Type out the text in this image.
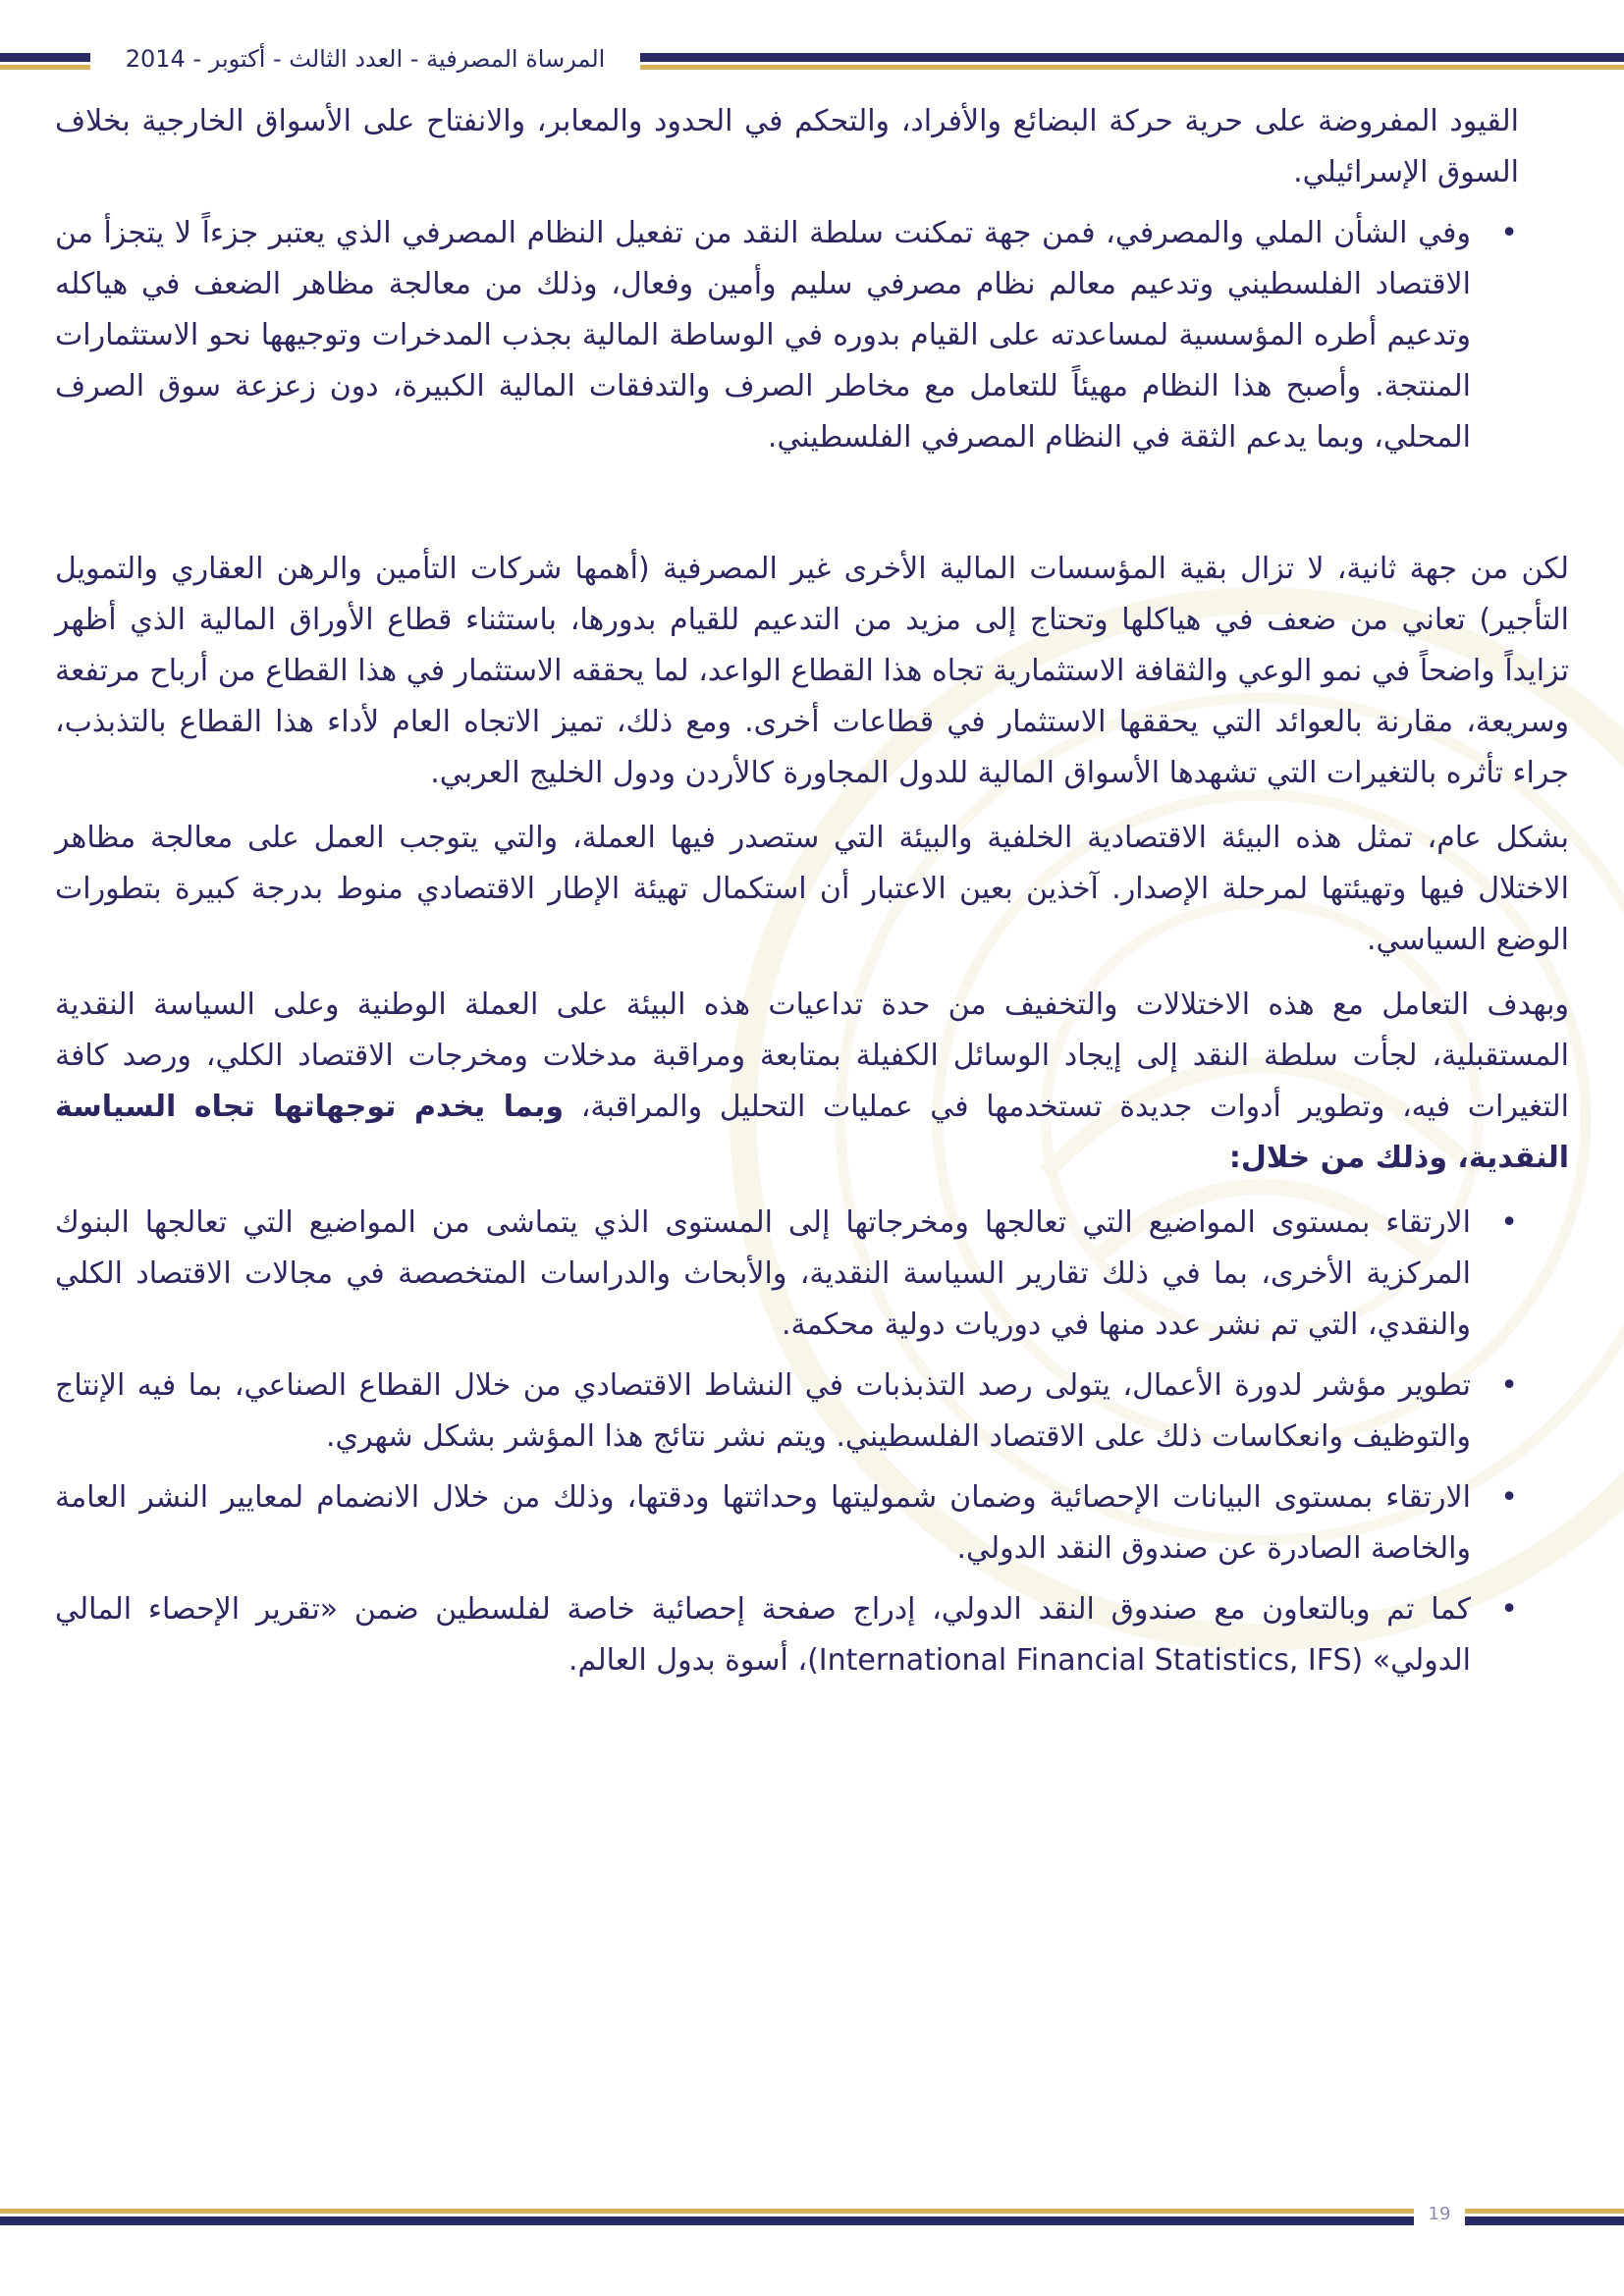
المرساة المصرفية - العدد الثالث - أكتوبر - 2014

القيود المفروضة على حرية حركة البضائع والأفراد، والتحكم في الحدود والمعابر، والانفتاح على الأسواق الخارجية بخلاف السوق الإسرائيلي.

•
وفي الشأن الملي والمصرفي، فمن جهة تمكنت سلطة النقد من تفعيل النظام المصرفي الذي يعتبر جزءاً لا يتجزأ من الاقتصاد الفلسطيني وتدعيم معالم نظام مصرفي سليم وأمين وفعال، وذلك من معالجة مظاهر الضعف في هياكله وتدعيم أطره المؤسسية لمساعدته على القيام بدوره في الوساطة المالية بجذب المدخرات وتوجيهها نحو الاستثمارات المنتجة. وأصبح هذا النظام مهيئاً للتعامل مع مخاطر الصرف والتدفقات المالية الكبيرة، دون زعزعة سوق الصرف المحلي، وبما يدعم الثقة في النظام المصرفي الفلسطيني.

لكن من جهة ثانية، لا تزال بقية المؤسسات المالية الأخرى غير المصرفية (أهمها شركات التأمين والرهن العقاري والتمويل التأجير) تعاني من ضعف في هياكلها وتحتاج إلى مزيد من التدعيم للقيام بدورها، باستثناء قطاع الأوراق المالية الذي أظهر تزايداً واضحاً في نمو الوعي والثقافة الاستثمارية تجاه هذا القطاع الواعد، لما يحققه الاستثمار في هذا القطاع من أرباح مرتفعة وسريعة، مقارنة بالعوائد التي يحققها الاستثمار في قطاعات أخرى. ومع ذلك، تميز الاتجاه العام لأداء هذا القطاع بالتذبذب، جراء تأثره بالتغيرات التي تشهدها الأسواق المالية للدول المجاورة كالأردن ودول الخليج العربي.

بشكل عام، تمثل هذه البيئة الاقتصادية الخلفية والبيئة التي ستصدر فيها العملة، والتي يتوجب العمل على معالجة مظاهر الاختلال فيها وتهيئتها لمرحلة الإصدار. آخذين بعين الاعتبار أن استكمال تهيئة الإطار الاقتصادي منوط بدرجة كبيرة بتطورات الوضع السياسي.

وبهدف التعامل مع هذه الاختلالات والتخفيف من حدة تداعيات هذه البيئة على العملة الوطنية وعلى السياسة النقدية المستقبلية، لجأت سلطة النقد إلى إيجاد الوسائل الكفيلة بمتابعة ومراقبة مدخلات ومخرجات الاقتصاد الكلي، ورصد كافة التغيرات فيه، وتطوير أدوات جديدة تستخدمها في عمليات التحليل والمراقبة، وبما يخدم توجهاتها تجاه السياسة النقدية، وذلك من خلال:

•
الارتقاء بمستوى المواضيع التي تعالجها ومخرجاتها إلى المستوى الذي يتماشى من المواضيع التي تعالجها البنوك المركزية الأخرى، بما في ذلك تقارير السياسة النقدية، والأبحاث والدراسات المتخصصة في مجالات الاقتصاد الكلي والنقدي، التي تم نشر عدد منها في دوريات دولية محكمة.
•
تطوير مؤشر لدورة الأعمال، يتولى رصد التذبذبات في النشاط الاقتصادي من خلال القطاع الصناعي، بما فيه الإنتاج والتوظيف وانعكاسات ذلك على الاقتصاد الفلسطيني. ويتم نشر نتائج هذا المؤشر بشكل شهري.
•
الارتقاء بمستوى البيانات الإحصائية وضمان شموليتها وحداثتها ودقتها، وذلك من خلال الانضمام لمعايير النشر العامة والخاصة الصادرة عن صندوق النقد الدولي.
•
كما تم وبالتعاون مع صندوق النقد الدولي، إدراج صفحة إحصائية خاصة لفلسطين ضمن «تقرير الإحصاء المالي الدولي» (International Financial Statistics, IFS)، أسوة بدول العالم.
19
